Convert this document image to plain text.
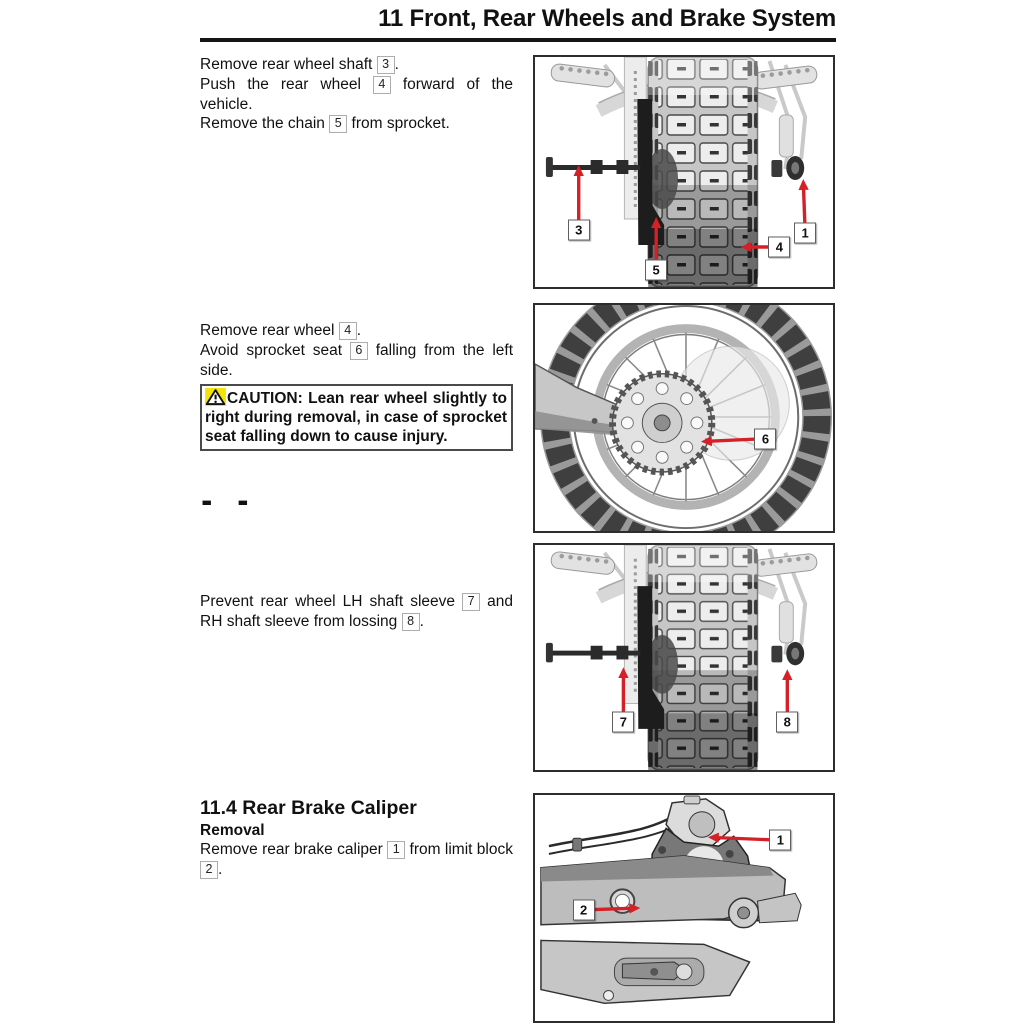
11 Front, Rear Wheels and Brake System

Remove rear wheel shaft 3 .

Push the rear wheel 4 forward of the vehicle.

Remove the chain 5 from sprocket.

Remove rear wheel 4 .

Avoid sprocket seat 6 falling from the left side.

CAUTION: Lean rear wheel slightly to right during removal, in case of sprocket seat falling down to cause injury.
– –

Prevent rear wheel LH shaft sleeve 7 and RH shaft sleeve from lossing 8 .

11.4 Rear Brake Caliper

Removal

Remove rear brake caliper 1 from limit block 2 .

3
5
4
1
6
7	8
1
2
